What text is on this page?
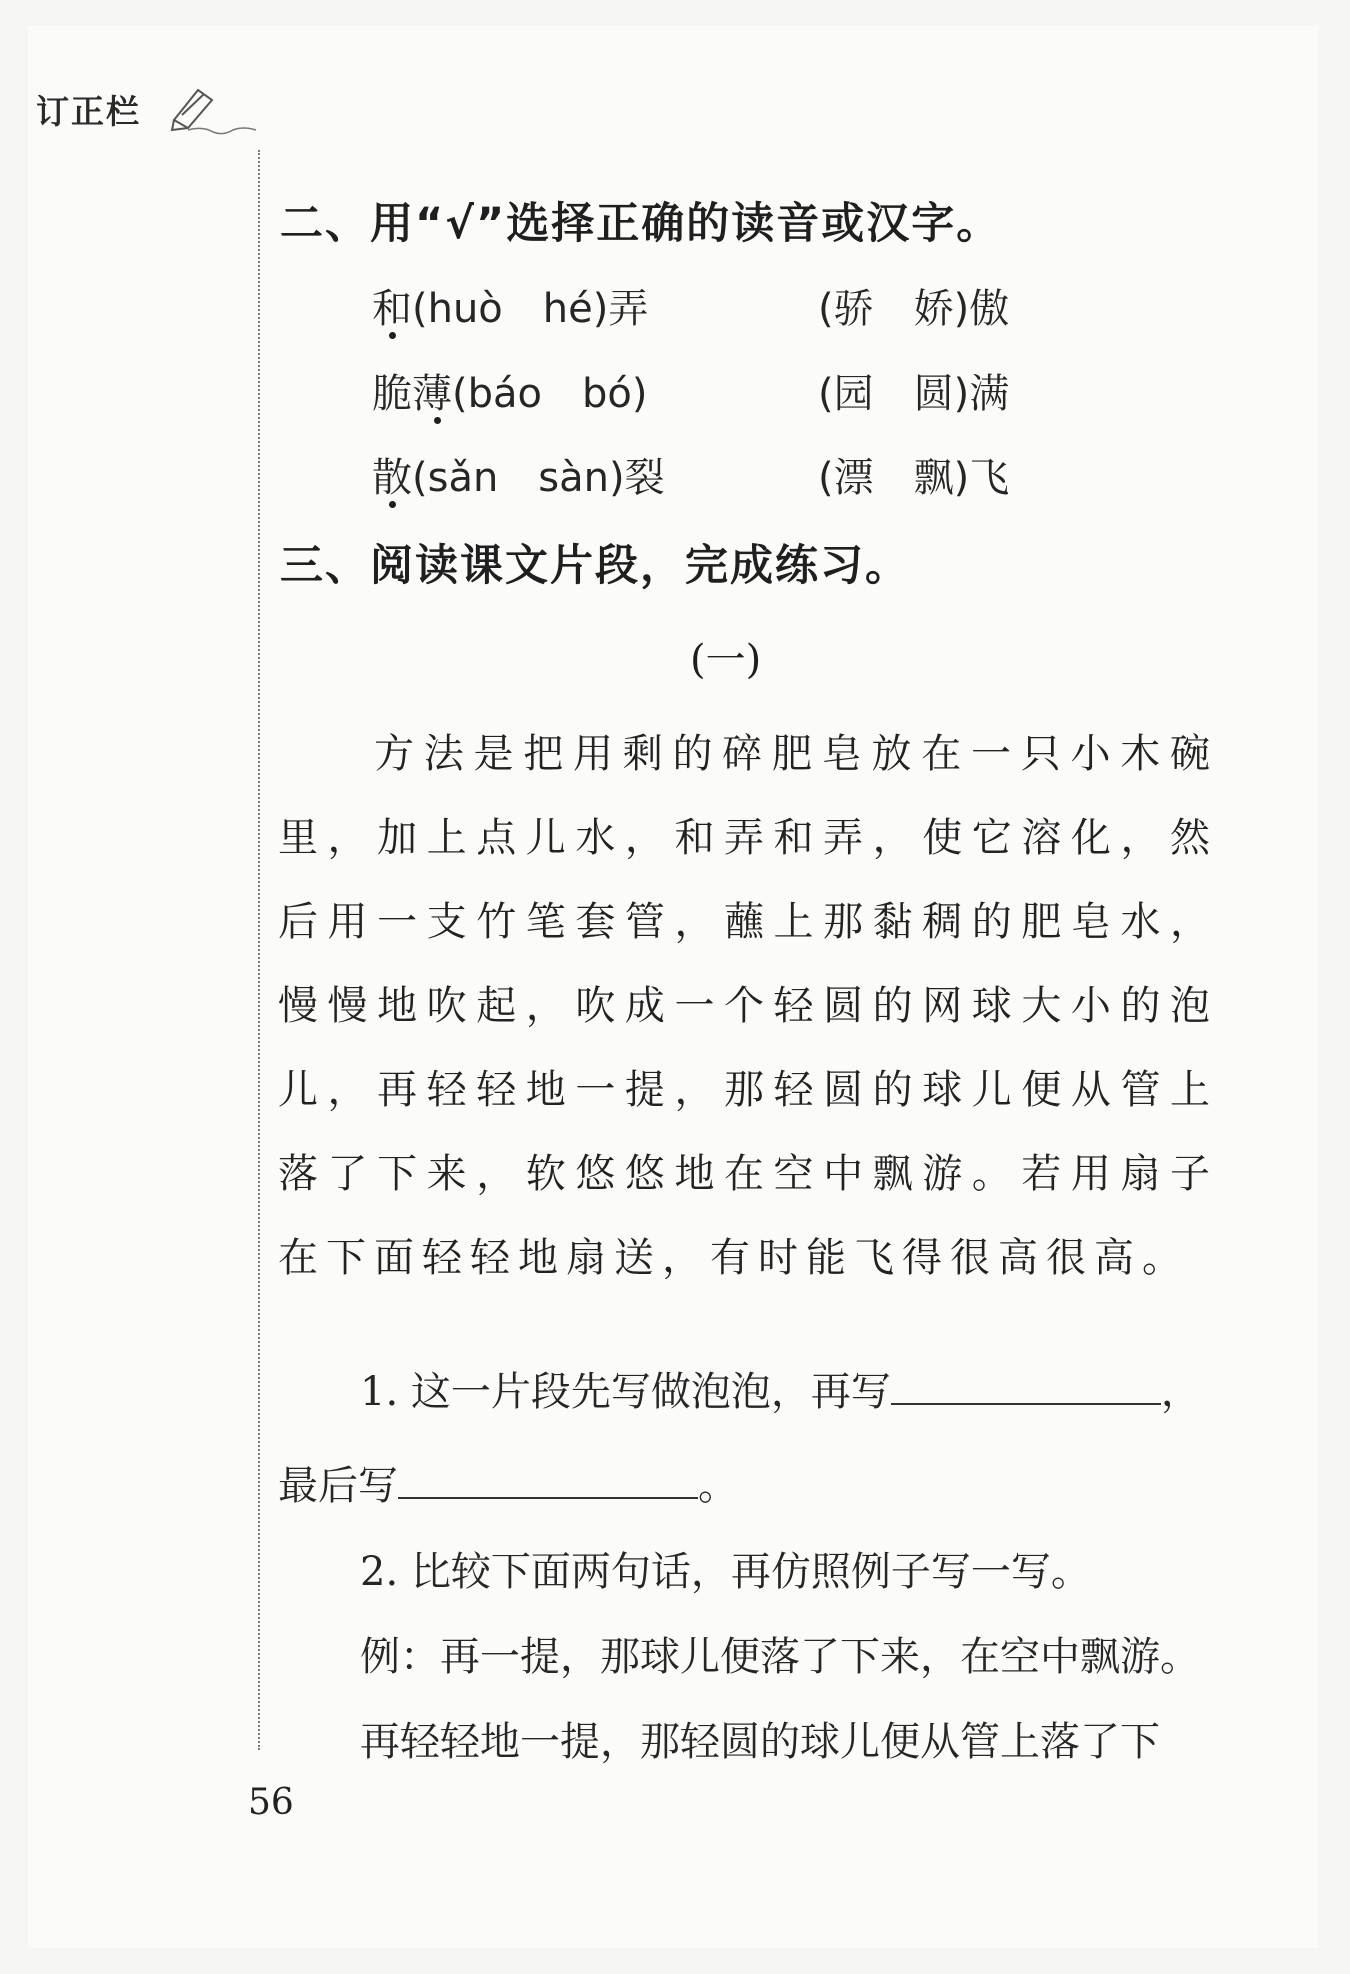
订正栏
二、用“√”选择正确的读音或汉字。
和(huò　hé)弄	(骄　娇)傲
脆薄(báo　bó)	(园　圆)满
散(sǎn　sàn)裂	(漂　飘)飞
三、阅读课文片段，完成练习。
(一)

方法是把用剩的碎肥皂放在一只小木碗里，加上点儿水，和弄和弄，使它溶化，然后用一支竹笔套管，蘸上那黏稠的肥皂水，慢慢地吹起，吹成一个轻圆的网球大小的泡儿，再轻轻地一提，那轻圆的球儿便从管上落了下来，软悠悠地在空中飘游。若用扇子在下面轻轻地扇送，有时能飞得很高很高。

1. 这一片段先写做泡泡，再写	，
最后写	。
2. 比较下面两句话，再仿照例子写一写。
例：再一提，那球儿便落了下来，在空中飘游。
再轻轻地一提，那轻圆的球儿便从管上落了下
56
